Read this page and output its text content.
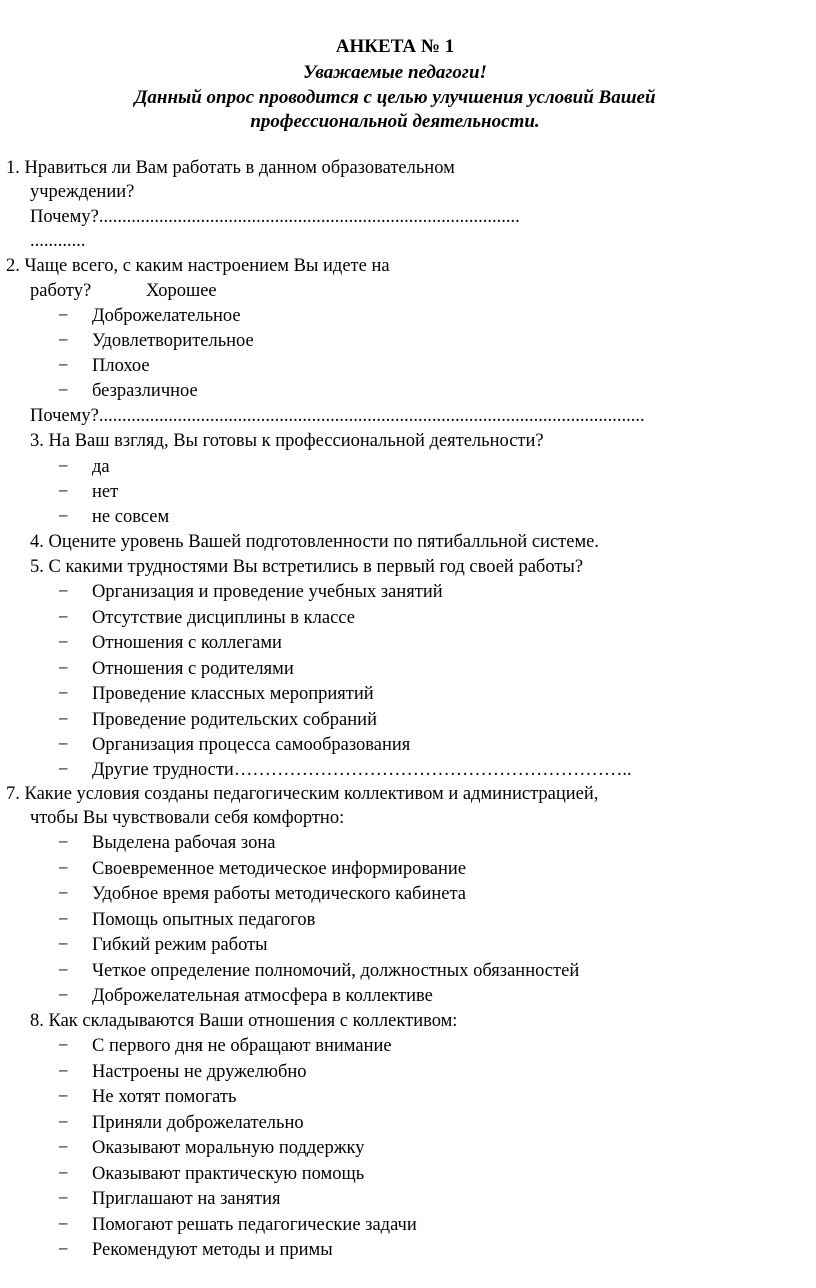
АНКЕТА № 1
Уважаемые педагоги!
Данный опрос проводится с целью улучшения условий Вашей
профессиональной деятельности.
1. Нравиться ли Вам работать в данном образовательном
учреждении?
Почему?...........................................................................................
............
2. Чаще всего, с каким настроением Вы идете на
работу?	Хорошее
− Доброжелательное
− Удовлетворительное
− Плохое
− безразличное
Почему?......................................................................................................................
3. На Ваш взгляд, Вы готовы к профессиональной деятельности?
− да
− нет
− не совсем
4. Оцените уровень Вашей подготовленности по пятибалльной системе.
5. С какими трудностями Вы встретились в первый год своей работы?
− Организация и проведение учебных занятий
− Отсутствие дисциплины в классе
− Отношения с коллегами
− Отношения с родителями
− Проведение классных мероприятий
− Проведение родительских собраний
− Организация процесса самообразования
− Другие трудности………………………………………………………..
7. Какие условия созданы педагогическим коллективом и администрацией,
чтобы Вы чувствовали себя комфортно:
− Выделена рабочая зона
− Своевременное методическое информирование
− Удобное время работы методического кабинета
− Помощь опытных педагогов
− Гибкий режим работы
− Четкое определение полномочий, должностных обязанностей
− Доброжелательная атмосфера в коллективе
8. Как складываются Ваши отношения с коллективом:
− С первого дня не обращают внимание
− Настроены не дружелюбно
− Не хотят помогать
− Приняли доброжелательно
− Оказывают моральную поддержку
− Оказывают практическую помощь
− Приглашают на занятия
− Помогают решать педагогические задачи
− Рекомендуют методы и примы
